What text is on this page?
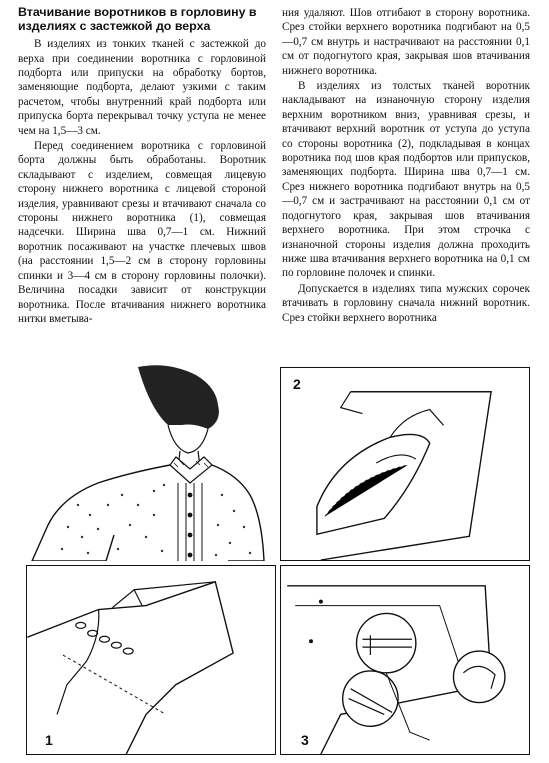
Втачивание воротников в горловину в изделиях с застежкой до верха

В изделиях из тонких тканей с застежкой до верха при соединении воротника с горловиной подборта или припуски на обработку бортов, заменяющие подборта, делают узкими с таким расчетом, чтобы внутренний край подборта или припуска борта перекрывал точку уступа не менее чем на 1,5—3 см.

Перед соединением воротника с горловиной борта должны быть обработаны. Воротник складывают с изделием, совмещая лицевую сторону нижнего воротника с лицевой стороной изделия, уравнивают срезы и втачивают сначала со стороны нижнего воротника (1), совмещая надсечки. Ширина шва 0,7—1 см. Нижний воротник посаживают на участке плечевых швов (на расстоянии 1,5—2 см в сторону горловины спинки и 3—4 см в сторону горловины полочки). Величина посадки зависит от конструкции воротника. После втачивания нижнего воротника нитки вметыва-

ния удаляют. Шов отгибают в сторону воротника. Срез стойки верхнего воротника подгибают на 0,5—0,7 см внутрь и настрачивают на расстоянии 0,1 см от подогнутого края, закрывая шов втачивания нижнего воротника.

В изделиях из толстых тканей воротник накладывают на изнаночную сторону изделия верхним воротником вниз, уравнивая срезы, и втачивают верхний воротник от уступа до уступа со стороны воротника (2), подкладывая в концах воротника под шов края подбортов или припусков, заменяющих подборта. Ширина шва 0,7—1 см. Срез нижнего воротника подгибают внутрь на 0,5—0,7 см и застрачивают на расстоянии 0,1 см от подогнутого края, закрывая шов втачивания верхнего воротника. При этом строчка с изнаночной стороны изделия должна проходить ниже шва втачивания верхнего воротника на 0,1 см по горловине полочек и спинки.

Допускается в изделиях типа мужских сорочек втачивать в горловину сначала нижний воротник. Срез стойки верхнего воротника

2
1	3
